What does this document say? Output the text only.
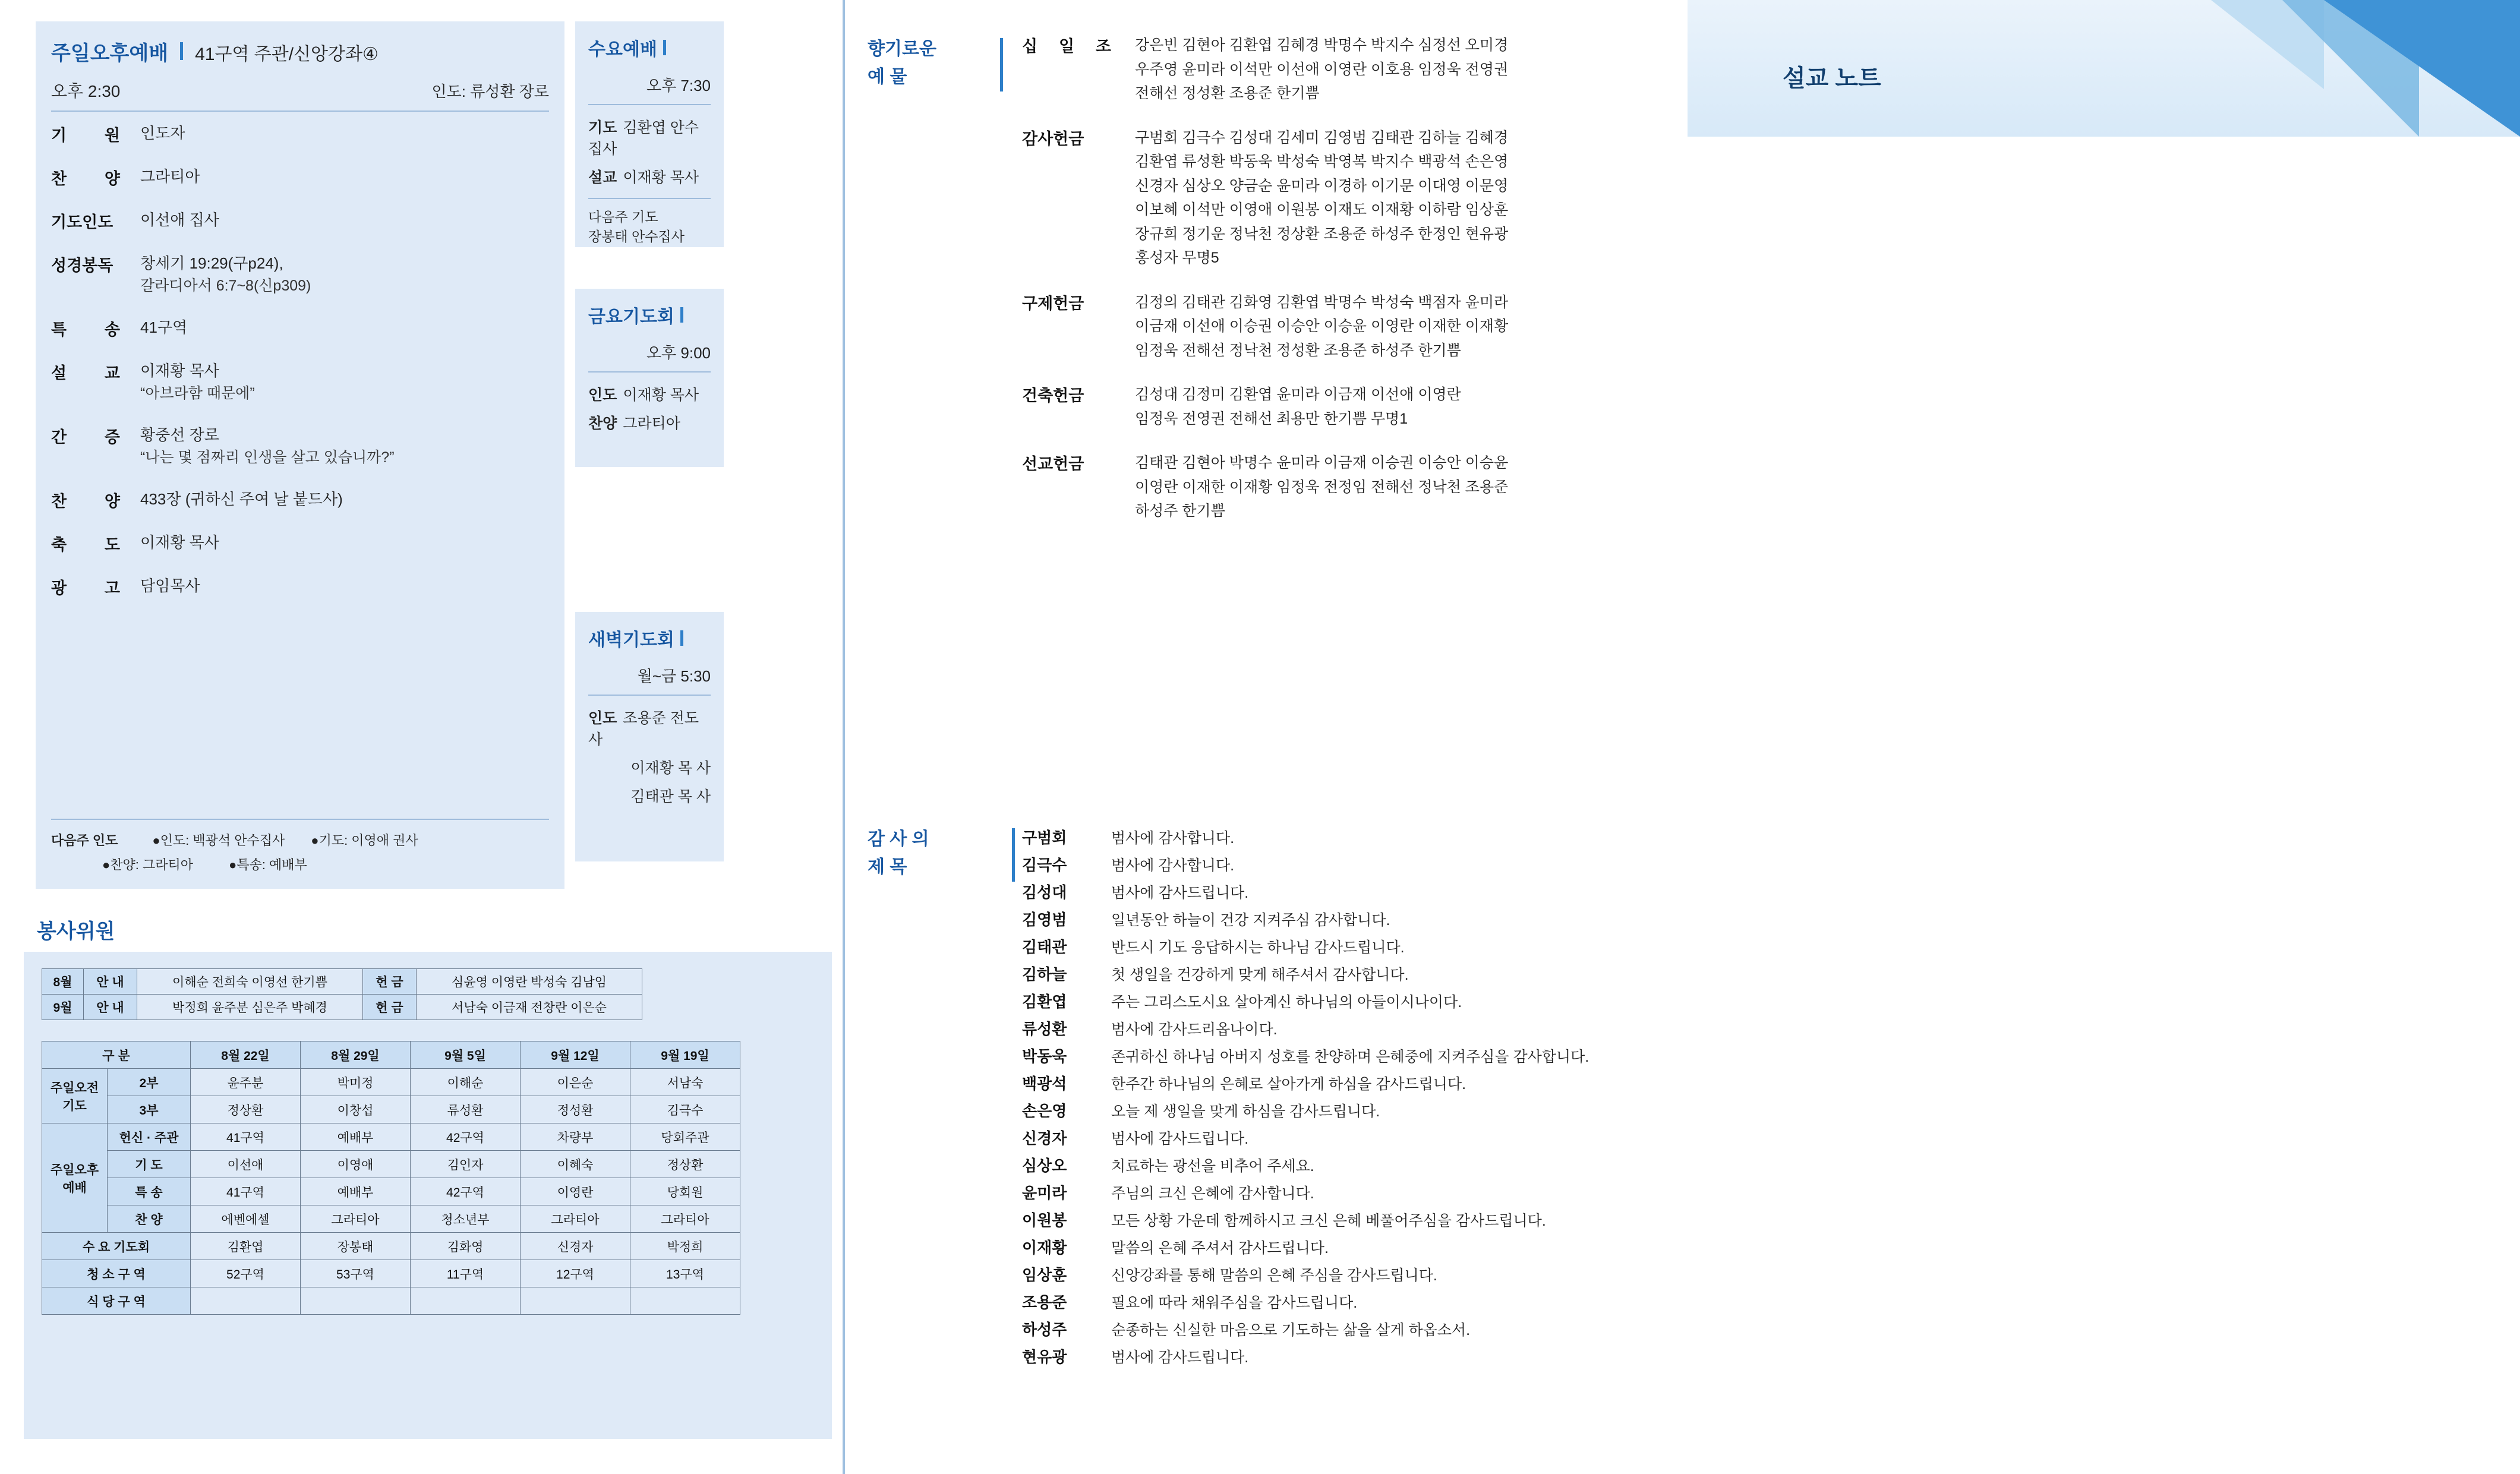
주일오후예배 41구역 주관/신앙강좌④
오후 2:30	인도: 류성환 장로
기 원 인도자
찬 양 그라티아
기도인도	이선애 집사
성경봉독	창세기 19:29(구p24),
갈라디아서 6:7~8(신p309)
특 송 41구역
설 교 이재황 목사
“아브라함 때문에”
간 증 황중선 장로
“나는 몇 점짜리 인생을 살고 있습니까?”
찬 양 433장 (귀하신 주여 날 붙드사)
축 도 이재황 목사
광 고 담임목사
다음주 인도	●인도: 백광석 안수집사 ●기도: 이영애 권사
●찬양: 그라티아	●특송: 예배부
수요예배
오후 7:30
기도 김환엽 안수집사
설교 이재황 목사
다음주 기도
장봉태 안수집사
금요기도회
오후 9:00
인도 이재황 목사
찬양 그라티아
새벽기도회
월~금 5:30
인도 조용준 전도사
이재황 목 사
김태관 목 사
봉사위원
8월	안 내	이해순 전희숙 이영선 한기쁨	헌 금	심윤영 이영란 박성숙 김남임
9월	안 내	박정희 윤주분 심은주 박혜경	헌 금	서남숙 이금재 전창란 이은순
구 분		8월 22일	8월 29일	9월 5일	9월 12일	9월 19일
주일오전기도	2부	윤주분	박미정	이해순	이은순	서남숙
	3부	정상환	이창섭	류성환	정성환	김극수
주일오후예배	헌신 · 주관	41구역	예배부	42구역	차량부	당회주관
	기 도	이선애	이영애	김인자	이혜숙	정상환
	특 송	41구역	예배부	42구역	이영란	당회원
	찬 양	에벤에셀	그라티아	청소년부	그라티아	그라티아
수 요 기도회		김환엽	장봉태	김화영	신경자	박정희
청 소 구 역		52구역	53구역	11구역	12구역	13구역
식 당 구 역						
설교 노트
향기로운
예 물
십 일 조 강은빈 김현아 김환엽 김혜경 박명수 박지수 심정선 오미경
우주영 윤미라 이석만 이선애 이영란 이호용 임정욱 전영권
전해선 정성환 조용준 한기쁨
감사헌금	구범회 김극수 김성대 김세미 김영범 김태관 김하늘 김혜경
김환엽 류성환 박동욱 박성숙 박영복 박지수 백광석 손은영
신경자 심상오 양금순 윤미라 이경하 이기문 이대영 이문영
이보혜 이석만 이영애 이원봉 이재도 이재황 이하람 임상훈
장규희 정기운 정낙천 정상환 조용준 하성주 한정인 현유광
홍성자 무명5
구제헌금	김정의 김태관 김화영 김환엽 박명수 박성숙 백점자 윤미라
이금재 이선애 이승권 이승안 이승윤 이영란 이재한 이재황
임정욱 전해선 정낙천 정성환 조용준 하성주 한기쁨
건축헌금	김성대 김정미 김환엽 윤미라 이금재 이선애 이영란
임정욱 전영권 전해선 최용만 한기쁨 무명1
선교헌금	김태관 김현아 박명수 윤미라 이금재 이승권 이승안 이승윤
이영란 이재한 이재황 임정욱 전정임 전해선 정낙천 조용준
하성주 한기쁨
감 사 의
제 목
구범회	범사에 감사합니다.
김극수	범사에 감사합니다.
김성대	범사에 감사드립니다.
김영범	일년동안 하늘이 건강 지켜주심 감사합니다.
김태관	반드시 기도 응답하시는 하나님 감사드립니다.
김하늘	첫 생일을 건강하게 맞게 해주셔서 감사합니다.
김환엽	주는 그리스도시요 살아계신 하나님의 아들이시나이다.
류성환	범사에 감사드리옵나이다.
박동욱	존귀하신 하나님 아버지 성호를 찬양하며 은혜중에 지켜주심을 감사합니다.
백광석	한주간 하나님의 은혜로 살아가게 하심을 감사드립니다.
손은영	오늘 제 생일을 맞게 하심을 감사드립니다.
신경자	범사에 감사드립니다.
심상오	치료하는 광선을 비추어 주세요.
윤미라	주님의 크신 은혜에 감사합니다.
이원봉	모든 상황 가운데 함께하시고 크신 은혜 베풀어주심을 감사드립니다.
이재황	말씀의 은혜 주셔서 감사드립니다.
임상훈	신앙강좌를 통해 말씀의 은혜 주심을 감사드립니다.
조용준	필요에 따라 채워주심을 감사드립니다.
하성주	순종하는 신실한 마음으로 기도하는 삶을 살게 하옵소서.
현유광	범사에 감사드립니다.
